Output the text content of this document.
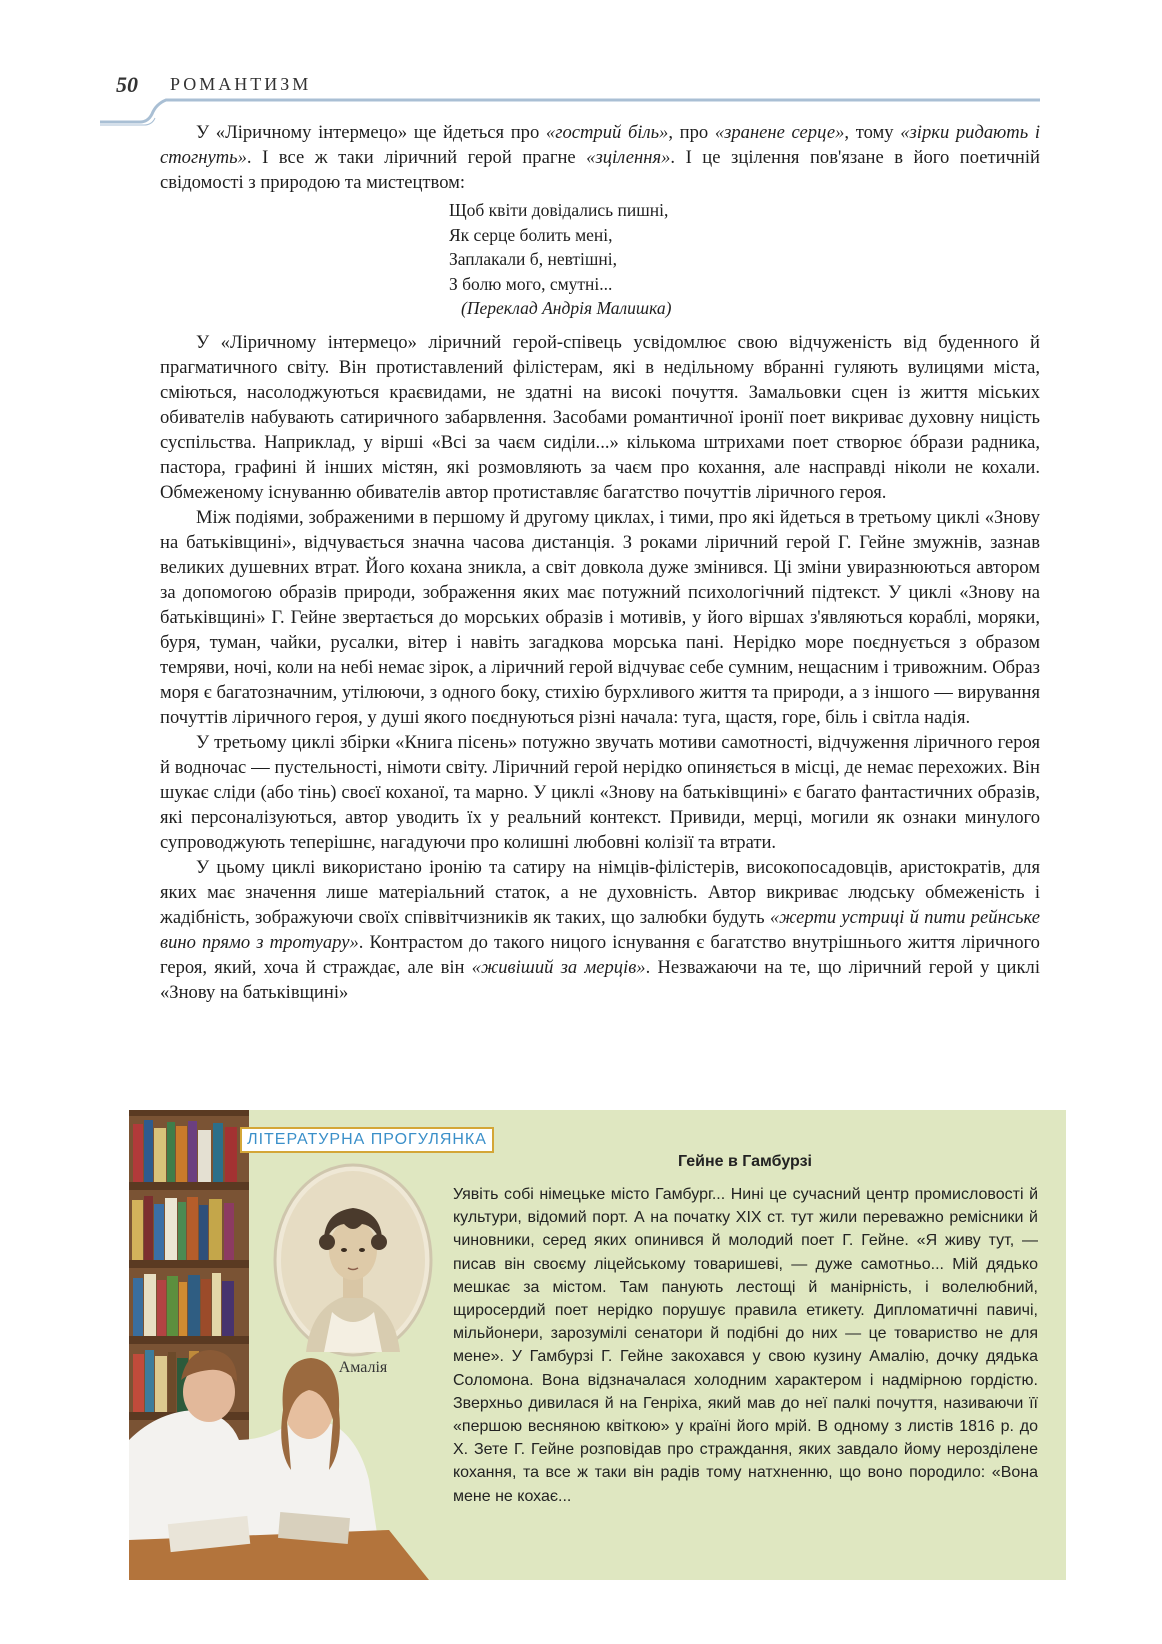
50 РОМАНТИЗМ

У «Ліричному інтермецо» ще йдеться про «гострий біль», про «зранене серце», тому «зірки ридають і стогнуть». І все ж таки ліричний герой прагне «зцілення». І це зцілення пов'язане в його поетичній свідомості з природою та мистецтвом:

Щоб квіти довідались пишні,
Як серце болить мені,
Заплакали б, невтішні,
З болю мого, смутні...
(Переклад Андрія Малишка)

У «Ліричному інтермецо» ліричний герой-співець усвідомлює свою відчуженість від буденного й прагматичного світу. Він протиставлений філістерам, які в недільному вбранні гуляють вулицями міста, сміються, насолоджуються краєвидами, не здатні на високі почуття. Замальовки сцен із життя міських обивателів набувають сатиричного забарвлення. Засобами романтичної іронії поет викриває духовну ницість суспільства. Наприклад, у вірші «Всі за чаєм сиділи...» кількома штрихами поет створює óбрази радника, пастора, графині й інших містян, які розмовляють за чаєм про кохання, але насправді ніколи не кохали. Обмеженому існуванню обивателів автор протиставляє багатство почуттів ліричного героя.

Між подіями, зображеними в першому й другому циклах, і тими, про які йдеться в третьому циклі «Знову на батьківщині», відчувається значна часова дистанція. З роками ліричний герой Г. Гейне змужнів, зазнав великих душевних втрат. Його кохана зникла, а світ довкола дуже змінився. Ці зміни увиразнюються автором за допомогою образів природи, зображення яких має потужний психологічний підтекст. У циклі «Знову на батьківщині» Г. Гейне звертається до морських образів і мотивів, у його віршах з'являються кораблі, моряки, буря, туман, чайки, русалки, вітер і навіть загадкова морська пані. Нерідко море поєднується з образом темряви, ночі, коли на небі немає зірок, а ліричний герой відчуває себе сумним, нещасним і тривожним. Образ моря є багатозначним, утілюючи, з одного боку, стихію бурхливого життя та природи, а з іншого — вирування почуттів ліричного героя, у душі якого поєднуються різні начала: туга, щастя, горе, біль і світла надія.

У третьому циклі збірки «Книга пісень» потужно звучать мотиви самотності, відчуження ліричного героя й водночас — пустельності, німоти світу. Ліричний герой нерідко опиняється в місці, де немає перехожих. Він шукає сліди (або тінь) своєї коханої, та марно. У циклі «Знову на батьківщині» є багато фантастичних образів, які персоналізуються, автор уводить їх у реальний контекст. Привиди, мерці, могили як ознаки минулого супроводжують теперішнє, нагадуючи про колишні любовні колізії та втрати.

У цьому циклі використано іронію та сатиру на німців-філістерів, високопосадовців, аристократів, для яких має значення лише матеріальний статок, а не духовність. Автор викриває людську обмеженість і жадібність, зображуючи своїх співвітчизників як таких, що залюбки будуть «жерти устриці й пити рейнське вино прямо з тротуару». Контрастом до такого ницого існування є багатство внутрішнього життя ліричного героя, який, хоча й страждає, але він «живіший за мерців». Незважаючи на те, що ліричний герой у циклі «Знову на батьківщині»

ЛІТЕРАТУРНА ПРОГУЛЯНКА
Амалія
Гейне в Гамбурзі
Уявіть собі німецьке місто Гамбург... Нині це сучасний центр промисловості й культури, відомий порт. А на початку XIX ст. тут жили переважно ремісники й чиновники, серед яких опинився й молодий поет Г. Гейне. «Я живу тут, — писав він своєму ліцейському товаришеві, — дуже самотньо... Мій дядько мешкає за містом. Там панують лестощі й манірність, і волелюбний, щиросердий поет нерідко порушує правила етикету. Дипломатичні павичі, мільйонери, зарозумілі сенатори й подібні до них — це товариство не для мене». У Гамбурзі Г. Гейне закохався у свою кузину Амалію, дочку дядька Соломона. Вона відзначалася холодним характером і надмірною гордістю. Зверхньо дивилася й на Генріха, який мав до неї палкі почуття, називаючи її «першою весняною квіткою» у країні його мрій. В одному з листів 1816 р. до Х. Зете Г. Гейне розповідав про страждання, яких завдало йому нерозділене кохання, та все ж таки він радів тому натхненню, що воно породило: «Вона мене не кохає...
